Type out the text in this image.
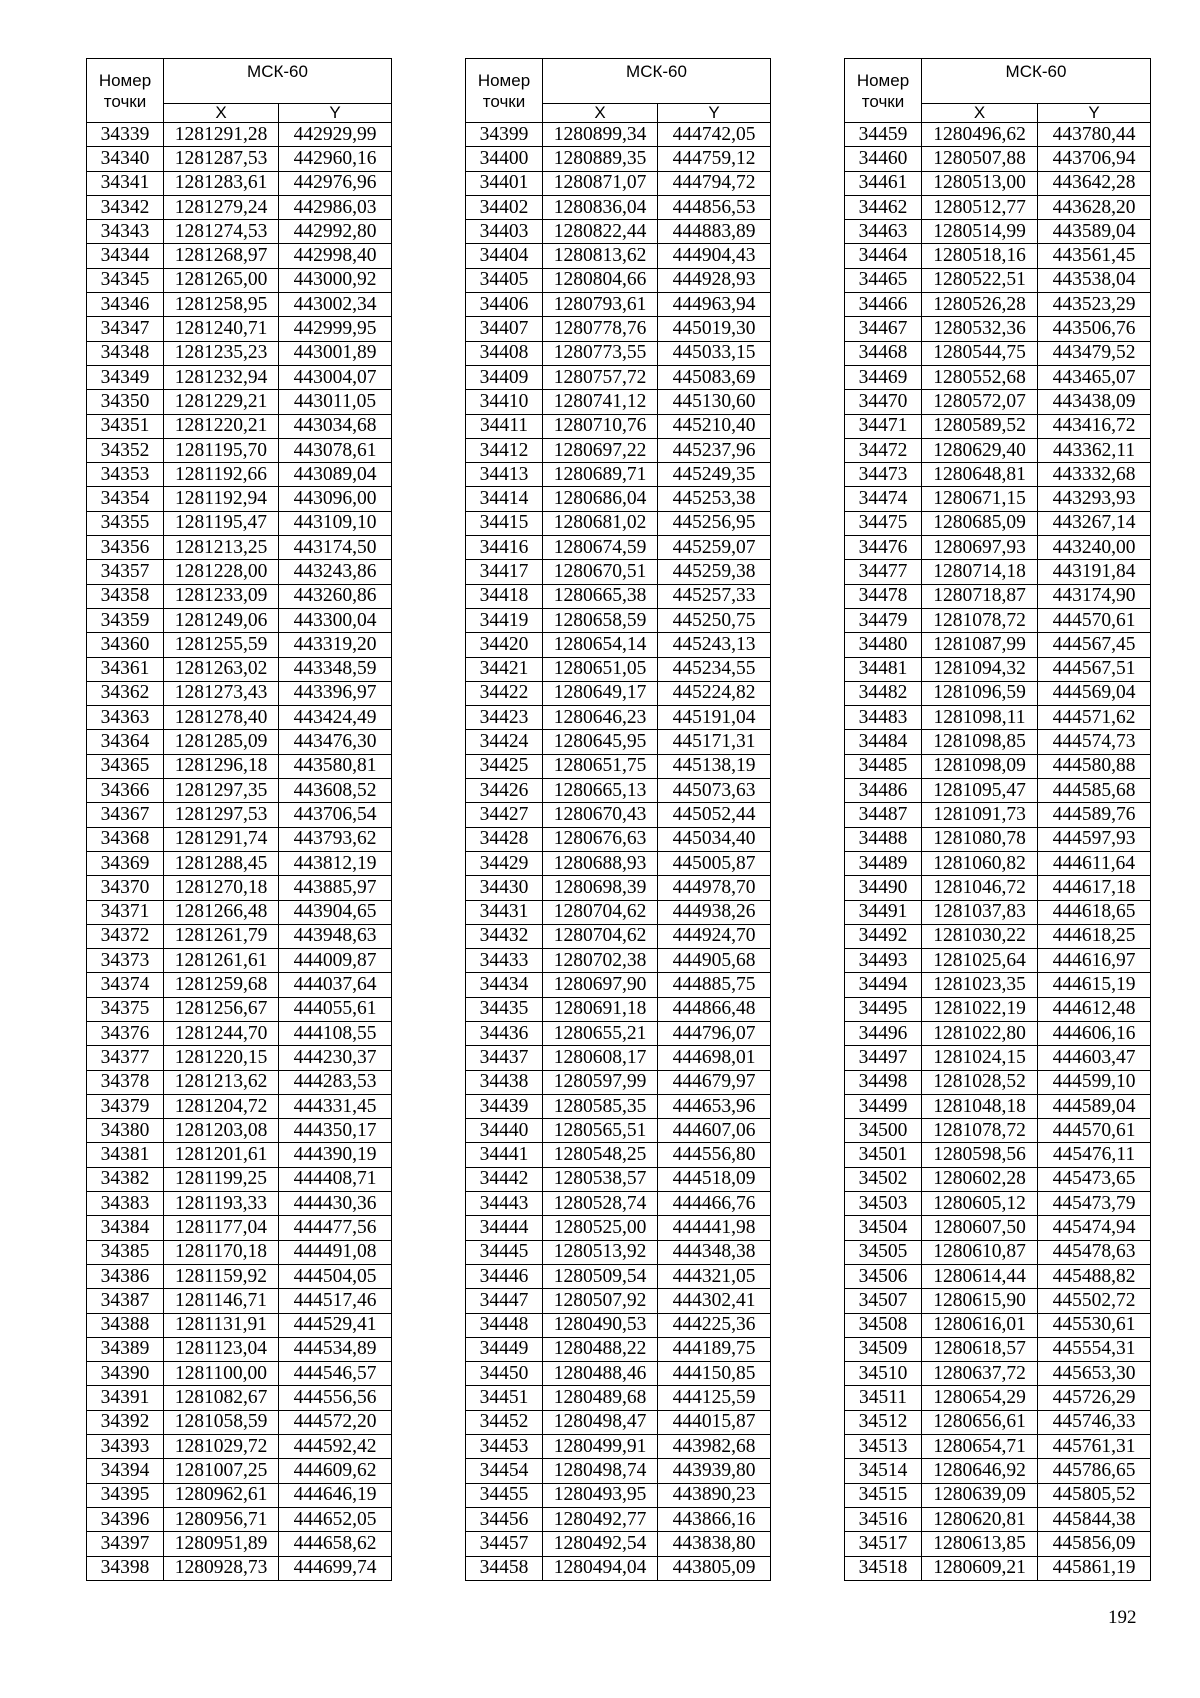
Номер точки	МСК-60	
	X	Y
34339	1281291,28	442929,99
34340	1281287,53	442960,16
34341	1281283,61	442976,96
34342	1281279,24	442986,03
34343	1281274,53	442992,80
34344	1281268,97	442998,40
34345	1281265,00	443000,92
34346	1281258,95	443002,34
34347	1281240,71	442999,95
34348	1281235,23	443001,89
34349	1281232,94	443004,07
34350	1281229,21	443011,05
34351	1281220,21	443034,68
34352	1281195,70	443078,61
34353	1281192,66	443089,04
34354	1281192,94	443096,00
34355	1281195,47	443109,10
34356	1281213,25	443174,50
34357	1281228,00	443243,86
34358	1281233,09	443260,86
34359	1281249,06	443300,04
34360	1281255,59	443319,20
34361	1281263,02	443348,59
34362	1281273,43	443396,97
34363	1281278,40	443424,49
34364	1281285,09	443476,30
34365	1281296,18	443580,81
34366	1281297,35	443608,52
34367	1281297,53	443706,54
34368	1281291,74	443793,62
34369	1281288,45	443812,19
34370	1281270,18	443885,97
34371	1281266,48	443904,65
34372	1281261,79	443948,63
34373	1281261,61	444009,87
34374	1281259,68	444037,64
34375	1281256,67	444055,61
34376	1281244,70	444108,55
34377	1281220,15	444230,37
34378	1281213,62	444283,53
34379	1281204,72	444331,45
34380	1281203,08	444350,17
34381	1281201,61	444390,19
34382	1281199,25	444408,71
34383	1281193,33	444430,36
34384	1281177,04	444477,56
34385	1281170,18	444491,08
34386	1281159,92	444504,05
34387	1281146,71	444517,46
34388	1281131,91	444529,41
34389	1281123,04	444534,89
34390	1281100,00	444546,57
34391	1281082,67	444556,56
34392	1281058,59	444572,20
34393	1281029,72	444592,42
34394	1281007,25	444609,62
34395	1280962,61	444646,19
34396	1280956,71	444652,05
34397	1280951,89	444658,62
34398	1280928,73	444699,74
Номер точки	МСК-60	
	X	Y
34399	1280899,34	444742,05
34400	1280889,35	444759,12
34401	1280871,07	444794,72
34402	1280836,04	444856,53
34403	1280822,44	444883,89
34404	1280813,62	444904,43
34405	1280804,66	444928,93
34406	1280793,61	444963,94
34407	1280778,76	445019,30
34408	1280773,55	445033,15
34409	1280757,72	445083,69
34410	1280741,12	445130,60
34411	1280710,76	445210,40
34412	1280697,22	445237,96
34413	1280689,71	445249,35
34414	1280686,04	445253,38
34415	1280681,02	445256,95
34416	1280674,59	445259,07
34417	1280670,51	445259,38
34418	1280665,38	445257,33
34419	1280658,59	445250,75
34420	1280654,14	445243,13
34421	1280651,05	445234,55
34422	1280649,17	445224,82
34423	1280646,23	445191,04
34424	1280645,95	445171,31
34425	1280651,75	445138,19
34426	1280665,13	445073,63
34427	1280670,43	445052,44
34428	1280676,63	445034,40
34429	1280688,93	445005,87
34430	1280698,39	444978,70
34431	1280704,62	444938,26
34432	1280704,62	444924,70
34433	1280702,38	444905,68
34434	1280697,90	444885,75
34435	1280691,18	444866,48
34436	1280655,21	444796,07
34437	1280608,17	444698,01
34438	1280597,99	444679,97
34439	1280585,35	444653,96
34440	1280565,51	444607,06
34441	1280548,25	444556,80
34442	1280538,57	444518,09
34443	1280528,74	444466,76
34444	1280525,00	444441,98
34445	1280513,92	444348,38
34446	1280509,54	444321,05
34447	1280507,92	444302,41
34448	1280490,53	444225,36
34449	1280488,22	444189,75
34450	1280488,46	444150,85
34451	1280489,68	444125,59
34452	1280498,47	444015,87
34453	1280499,91	443982,68
34454	1280498,74	443939,80
34455	1280493,95	443890,23
34456	1280492,77	443866,16
34457	1280492,54	443838,80
34458	1280494,04	443805,09
Номер точки	МСК-60	
	X	Y
34459	1280496,62	443780,44
34460	1280507,88	443706,94
34461	1280513,00	443642,28
34462	1280512,77	443628,20
34463	1280514,99	443589,04
34464	1280518,16	443561,45
34465	1280522,51	443538,04
34466	1280526,28	443523,29
34467	1280532,36	443506,76
34468	1280544,75	443479,52
34469	1280552,68	443465,07
34470	1280572,07	443438,09
34471	1280589,52	443416,72
34472	1280629,40	443362,11
34473	1280648,81	443332,68
34474	1280671,15	443293,93
34475	1280685,09	443267,14
34476	1280697,93	443240,00
34477	1280714,18	443191,84
34478	1280718,87	443174,90
34479	1281078,72	444570,61
34480	1281087,99	444567,45
34481	1281094,32	444567,51
34482	1281096,59	444569,04
34483	1281098,11	444571,62
34484	1281098,85	444574,73
34485	1281098,09	444580,88
34486	1281095,47	444585,68
34487	1281091,73	444589,76
34488	1281080,78	444597,93
34489	1281060,82	444611,64
34490	1281046,72	444617,18
34491	1281037,83	444618,65
34492	1281030,22	444618,25
34493	1281025,64	444616,97
34494	1281023,35	444615,19
34495	1281022,19	444612,48
34496	1281022,80	444606,16
34497	1281024,15	444603,47
34498	1281028,52	444599,10
34499	1281048,18	444589,04
34500	1281078,72	444570,61
34501	1280598,56	445476,11
34502	1280602,28	445473,65
34503	1280605,12	445473,79
34504	1280607,50	445474,94
34505	1280610,87	445478,63
34506	1280614,44	445488,82
34507	1280615,90	445502,72
34508	1280616,01	445530,61
34509	1280618,57	445554,31
34510	1280637,72	445653,30
34511	1280654,29	445726,29
34512	1280656,61	445746,33
34513	1280654,71	445761,31
34514	1280646,92	445786,65
34515	1280639,09	445805,52
34516	1280620,81	445844,38
34517	1280613,85	445856,09
34518	1280609,21	445861,19
192
